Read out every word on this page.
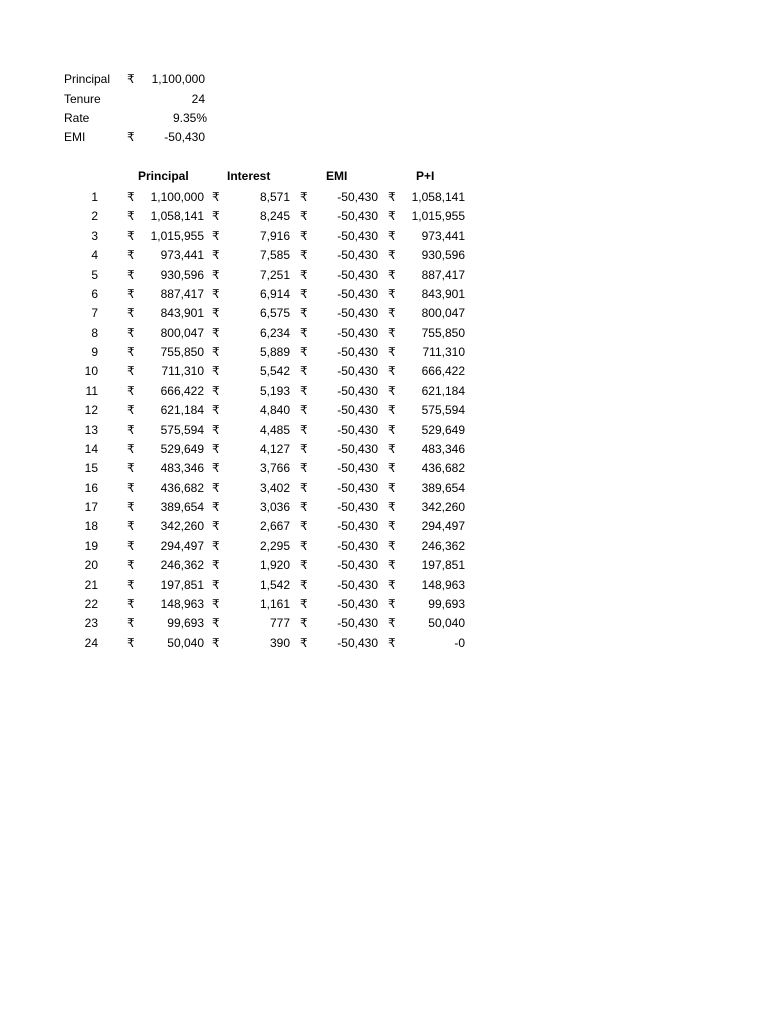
Principal ₹	1,100,000
Tenure	24
Rate	9.35%
EMI	₹	-50,430
Principal	Interest	EMI	P+I
1 ₹	1,100,000 ₹	8,571 ₹	-50,430 ₹	1,058,141
2 ₹	1,058,141 ₹	8,245 ₹	-50,430 ₹	1,015,955
3 ₹	1,015,955 ₹	7,916 ₹	-50,430 ₹	973,441
4 ₹	973,441 ₹	7,585 ₹	-50,430 ₹	930,596
5 ₹	930,596 ₹	7,251 ₹	-50,430 ₹	887,417
6 ₹	887,417 ₹	6,914 ₹	-50,430 ₹	843,901
7 ₹	843,901 ₹	6,575 ₹	-50,430 ₹	800,047
8 ₹	800,047 ₹	6,234 ₹	-50,430 ₹	755,850
9 ₹	755,850 ₹	5,889 ₹	-50,430 ₹	711,310
10 ₹	711,310 ₹	5,542 ₹	-50,430 ₹	666,422
11 ₹	666,422 ₹	5,193 ₹	-50,430 ₹	621,184
12 ₹	621,184 ₹	4,840 ₹	-50,430 ₹	575,594
13 ₹	575,594 ₹	4,485 ₹	-50,430 ₹	529,649
14 ₹	529,649 ₹	4,127 ₹	-50,430 ₹	483,346
15 ₹	483,346 ₹	3,766 ₹	-50,430 ₹	436,682
16 ₹	436,682 ₹	3,402 ₹	-50,430 ₹	389,654
17 ₹	389,654 ₹	3,036 ₹	-50,430 ₹	342,260
18 ₹	342,260 ₹	2,667 ₹	-50,430 ₹	294,497
19 ₹	294,497 ₹	2,295 ₹	-50,430 ₹	246,362
20 ₹	246,362 ₹	1,920 ₹	-50,430 ₹	197,851
21 ₹	197,851 ₹	1,542 ₹	-50,430 ₹	148,963
22 ₹	148,963 ₹	1,161 ₹	-50,430 ₹	99,693
23 ₹	99,693 ₹	777 ₹	-50,430 ₹	50,040
24 ₹	50,040 ₹	390 ₹	-50,430 ₹	-0
